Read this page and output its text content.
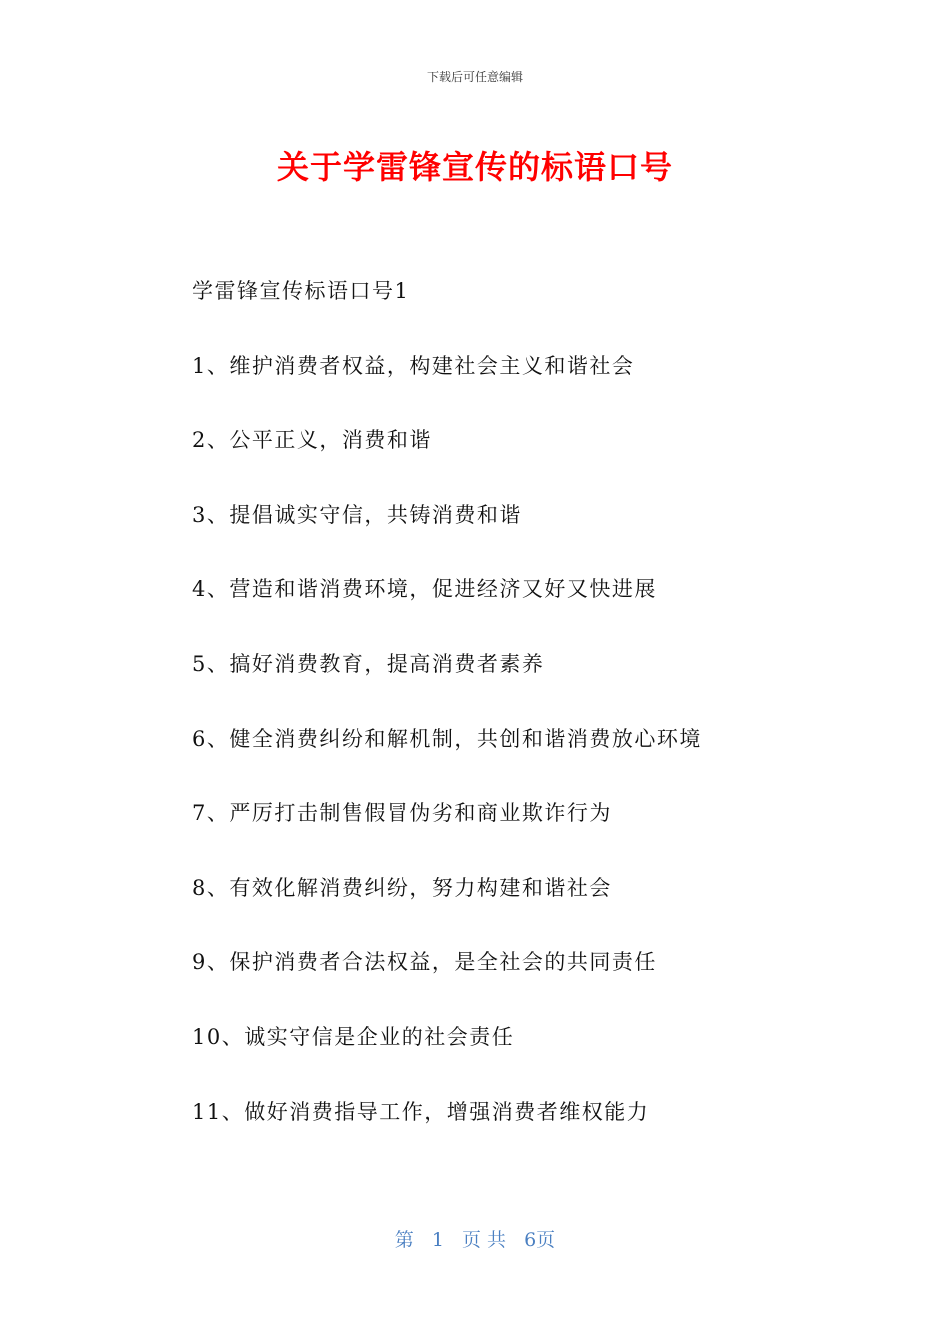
下载后可任意编辑
关于学雷锋宣传的标语口号
学雷锋宣传标语口号1
1、维护消费者权益，构建社会主义和谐社会
2、公平正义，消费和谐
3、提倡诚实守信，共铸消费和谐
4、营造和谐消费环境，促进经济又好又快进展
5、搞好消费教育，提高消费者素养
6、健全消费纠纷和解机制，共创和谐消费放心环境
7、严厉打击制售假冒伪劣和商业欺诈行为
8、有效化解消费纠纷，努力构建和谐社会
9、保护消费者合法权益，是全社会的共同责任
10、诚实守信是企业的社会责任
11、做好消费指导工作，增强消费者维权能力
第 1 页 共 6页
